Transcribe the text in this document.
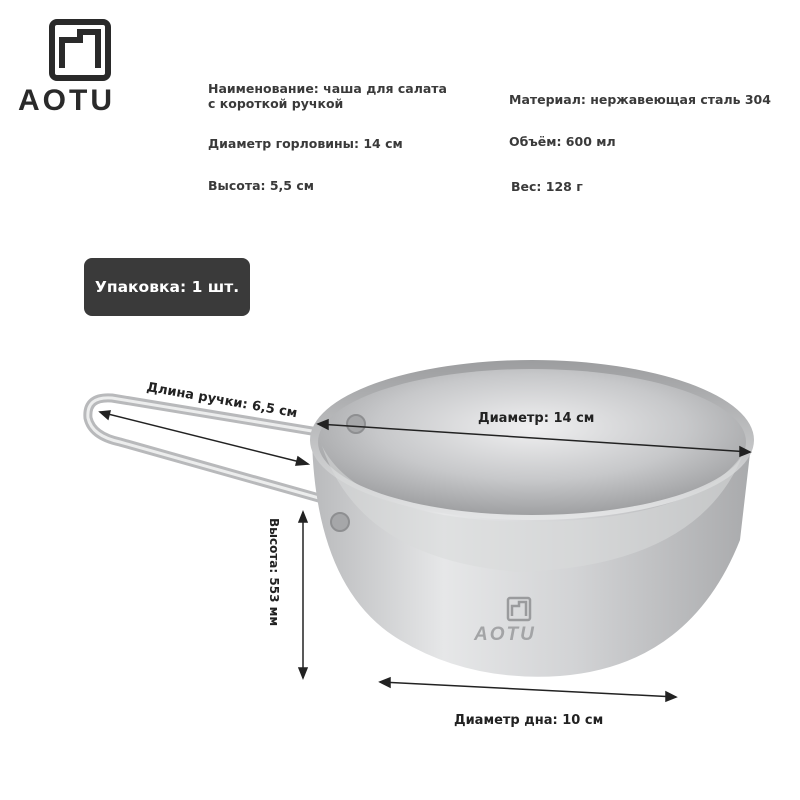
AOTU	Наименование: чаша для салата с короткой ручкой	Материал: нержавеющая сталь 304
Диаметр горловины: 14 см	Объём: 600 мл
Высота: 5,5 см	Вес: 128 г
Упаковка: 1 шт.
AOTU
Длина ручки: 6,5 см	Диаметр: 14 см
Высота: 553 мм
Диаметр дна: 10 см
